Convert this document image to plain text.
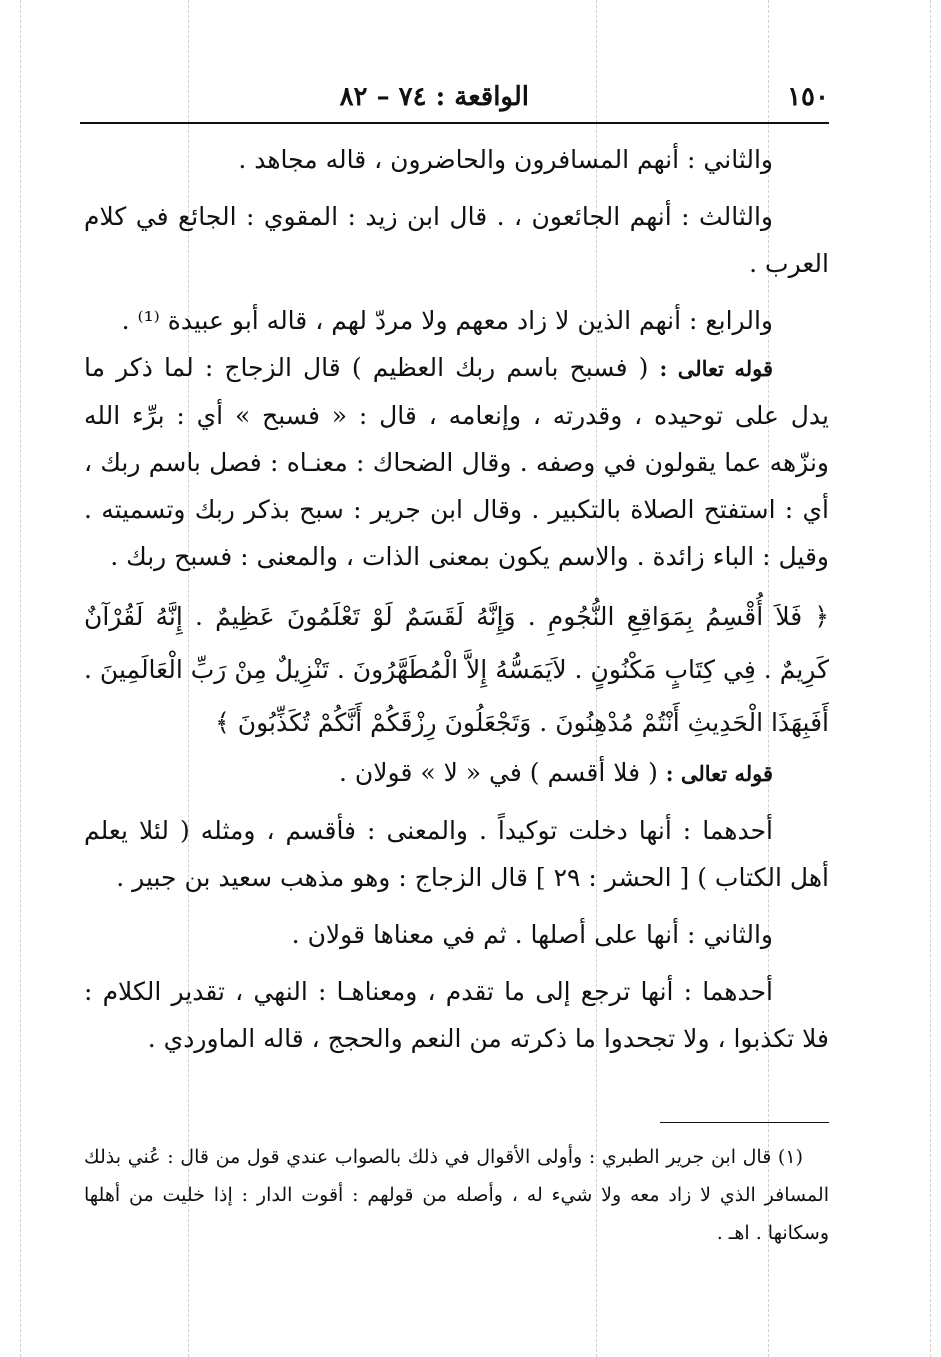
١٥٠
الواقعة : ٧٤ – ٨٢

والثاني : أنهم المسافرون والحاضرون ، قاله مجاهد .

والثالث : أنهم الجائعون ، . قال ابن زيد : المقوي : الجائع في كلام العرب .

والرابع : أنهم الذين لا زاد معهم ولا مردّ لهم ، قاله أبو عبيدة ⁽¹⁾ .

قوله تعالى : ( فسبح باسم ربك العظيم ) قال الزجاج : لما ذكر ما يدل على توحيده ، وقدرته ، وإنعامه ، قال : « فسبح » أي : برِّء الله ونزّهه عما يقولون في وصفه . وقال الضحاك : معنـاه : فصل باسم ربك ، أي : استفتح الصلاة بالتكبير . وقال ابن جرير : سبح بذكر ربك وتسميته . وقيل : الباء زائدة . والاسم يكون بمعنى الذات ، والمعنى : فسبح ربك .

﴿ فَلاَ أُقْسِمُ بِمَوَاقِعِ النُّجُومِ . وَإِنَّهُ لَقَسَمٌ لَوْ تَعْلَمُونَ عَظِيمٌ . إِنَّهُ لَقُرْآنٌ كَرِيمٌ . فِي كِتَابٍ مَكْنُونٍ . لاَيَمَسُّهُ إِلاَّ الْمُطَهَّرُونَ . تَنْزِيلٌ مِنْ رَبِّ الْعَالَمِينَ . أَفَبِهَذَا الْحَدِيثِ أَنْتُمْ مُدْهِنُونَ . وَتَجْعَلُونَ رِزْقَكُمْ أَنَّكُمْ تُكَذِّبُونَ ﴾

قوله تعالى : ( فلا أقسم ) في « لا » قولان .

أحدهما : أنها دخلت توكيداً . والمعنى : فأقسم ، ومثله ( لئلا يعلم أهل الكتاب ) [ الحشر : ٢٩ ] قال الزجاج : وهو مذهب سعيد بن جبير .

والثاني : أنها على أصلها . ثم في معناها قولان .

أحدهما : أنها ترجع إلى ما تقدم ، ومعناهـا : النهي ، تقدير الكلام : فلا تكذبوا ، ولا تجحدوا ما ذكرته من النعم والحجج ، قاله الماوردي .

(١) قال ابن جرير الطبري : وأولى الأقوال في ذلك بالصواب عندي قول من قال : عُني بذلك المسافر الذي لا زاد معه ولا شيء له ، وأصله من قولهم : أقوت الدار : إذا خليت من أهلها وسكانها . اهـ .
